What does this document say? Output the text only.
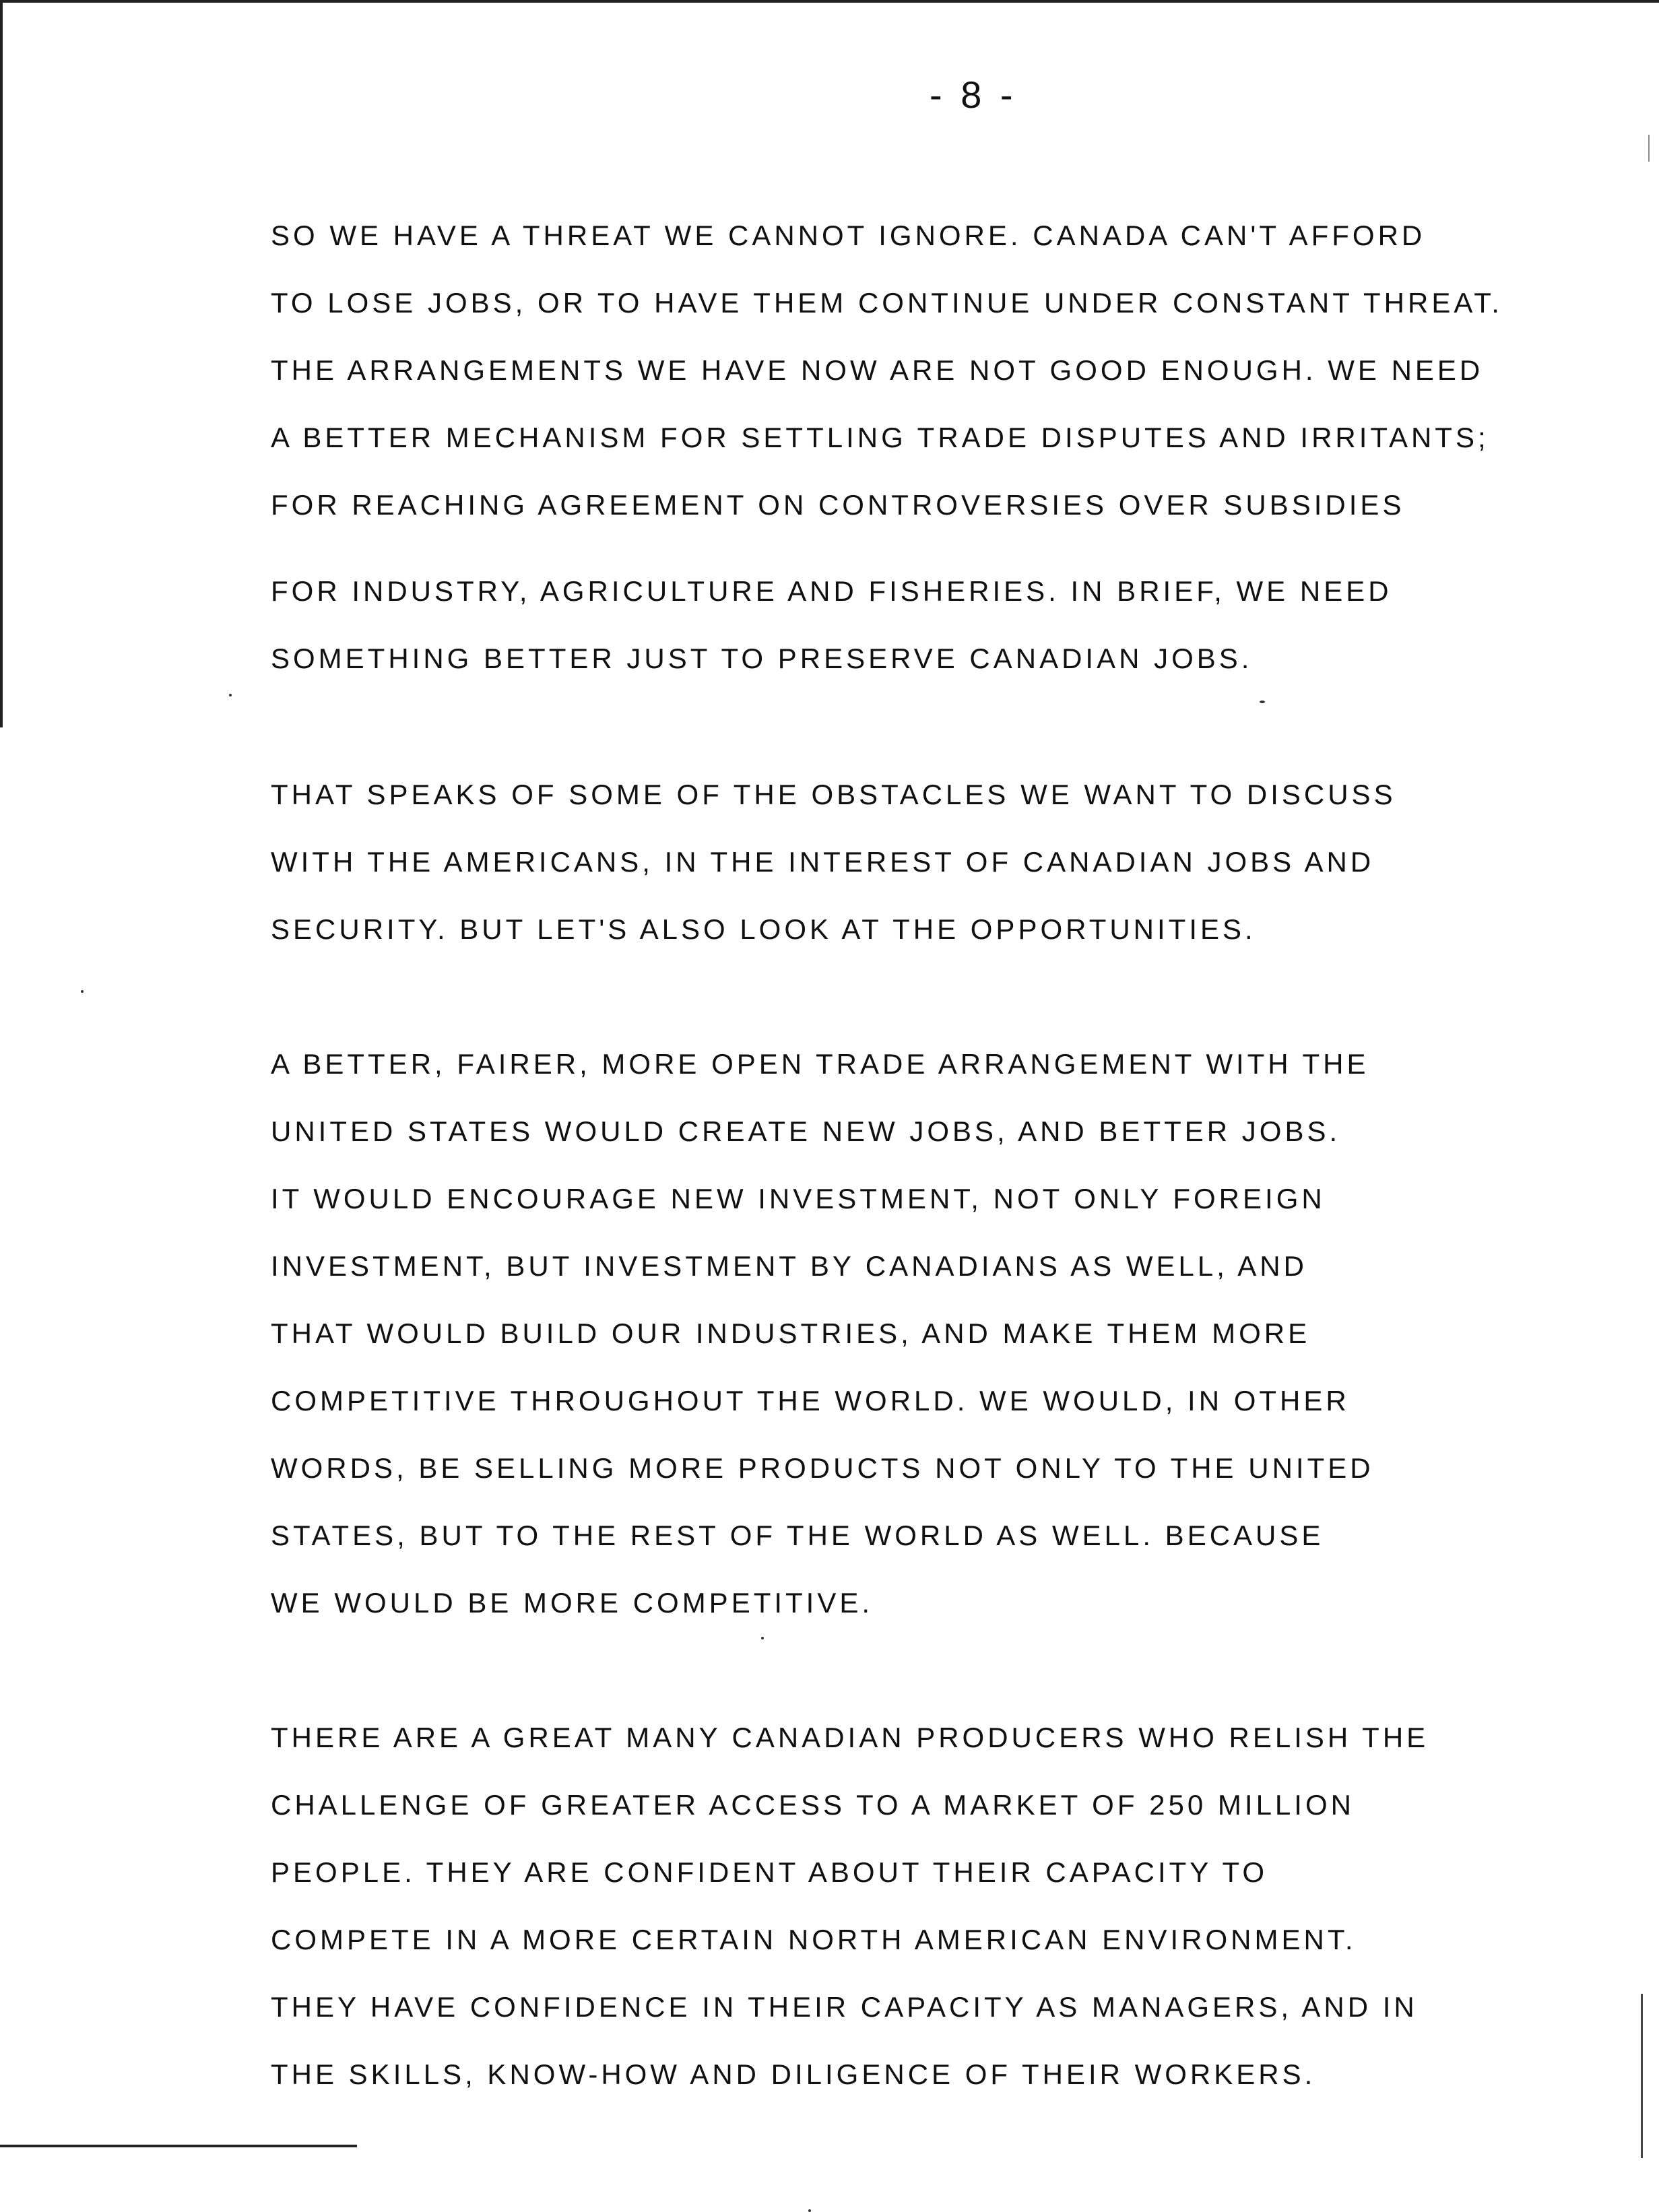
- 8 -
SO WE HAVE A THREAT WE CANNOT IGNORE. CANADA CAN'T AFFORD
TO LOSE JOBS, OR TO HAVE THEM CONTINUE UNDER CONSTANT THREAT.
THE ARRANGEMENTS WE HAVE NOW ARE NOT GOOD ENOUGH. WE NEED
A BETTER MECHANISM FOR SETTLING TRADE DISPUTES AND IRRITANTS;
FOR REACHING AGREEMENT ON CONTROVERSIES OVER SUBSIDIES
FOR INDUSTRY, AGRICULTURE AND FISHERIES. IN BRIEF, WE NEED
SOMETHING BETTER JUST TO PRESERVE CANADIAN JOBS.
THAT SPEAKS OF SOME OF THE OBSTACLES WE WANT TO DISCUSS
WITH THE AMERICANS, IN THE INTEREST OF CANADIAN JOBS AND
SECURITY. BUT LET'S ALSO LOOK AT THE OPPORTUNITIES.
A BETTER, FAIRER, MORE OPEN TRADE ARRANGEMENT WITH THE
UNITED STATES WOULD CREATE NEW JOBS, AND BETTER JOBS.
IT WOULD ENCOURAGE NEW INVESTMENT, NOT ONLY FOREIGN
INVESTMENT, BUT INVESTMENT BY CANADIANS AS WELL, AND
THAT WOULD BUILD OUR INDUSTRIES, AND MAKE THEM MORE
COMPETITIVE THROUGHOUT THE WORLD. WE WOULD, IN OTHER
WORDS, BE SELLING MORE PRODUCTS NOT ONLY TO THE UNITED
STATES, BUT TO THE REST OF THE WORLD AS WELL. BECAUSE
WE WOULD BE MORE COMPETITIVE.
THERE ARE A GREAT MANY CANADIAN PRODUCERS WHO RELISH THE
CHALLENGE OF GREATER ACCESS TO A MARKET OF 250 MILLION
PEOPLE. THEY ARE CONFIDENT ABOUT THEIR CAPACITY TO
COMPETE IN A MORE CERTAIN NORTH AMERICAN ENVIRONMENT.
THEY HAVE CONFIDENCE IN THEIR CAPACITY AS MANAGERS, AND IN
THE SKILLS, KNOW-HOW AND DILIGENCE OF THEIR WORKERS.
